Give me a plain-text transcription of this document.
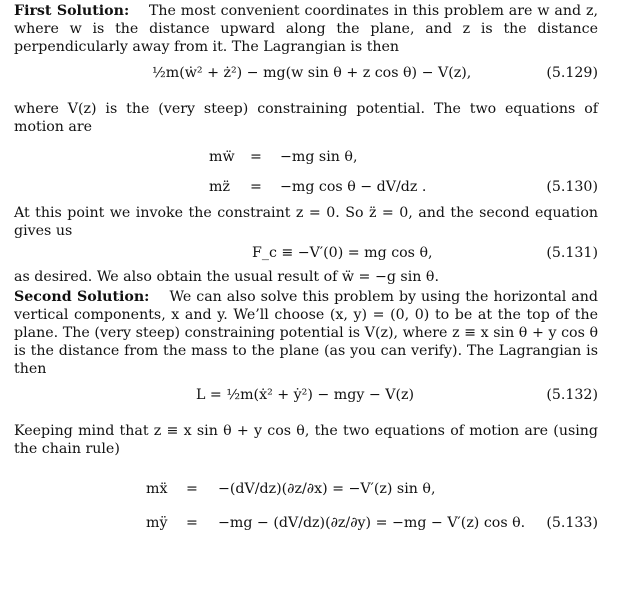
First Solution: The most convenient coordinates in this problem are w and z, where w is the distance upward along the plane, and z is the distance perpendicularly away from it. The Lagrangian is then

½m(ẇ² + ż²) − mg(w sin θ + z cos θ) − V(z),	(5.129)

where V(z) is the (very steep) constraining potential. The two equations of motion are

mẅ = −mg sin θ,
mz̈ = −mg cos θ − dV/dz .	(5.130)

At this point we invoke the constraint z = 0. So z̈ = 0, and the second equation gives us

F_c ≡ −V′(0) = mg cos θ,	(5.131)

as desired. We also obtain the usual result of ẅ = −g sin θ.

Second Solution: We can also solve this problem by using the horizontal and vertical components, x and y. We’ll choose (x, y) = (0, 0) to be at the top of the plane. The (very steep) constraining potential is V(z), where z ≡ x sin θ + y cos θ is the distance from the mass to the plane (as you can verify). The Lagrangian is then

L = ½m(ẋ² + ẏ²) − mgy − V(z)	(5.132)

Keeping mind that z ≡ x sin θ + y cos θ, the two equations of motion are (using the chain rule)

mẍ = −(dV/dz)(∂z/∂x) = −V′(z) sin θ,
mÿ = −mg − (dV/dz)(∂z/∂y) = −mg − V′(z) cos θ. (5.133)
